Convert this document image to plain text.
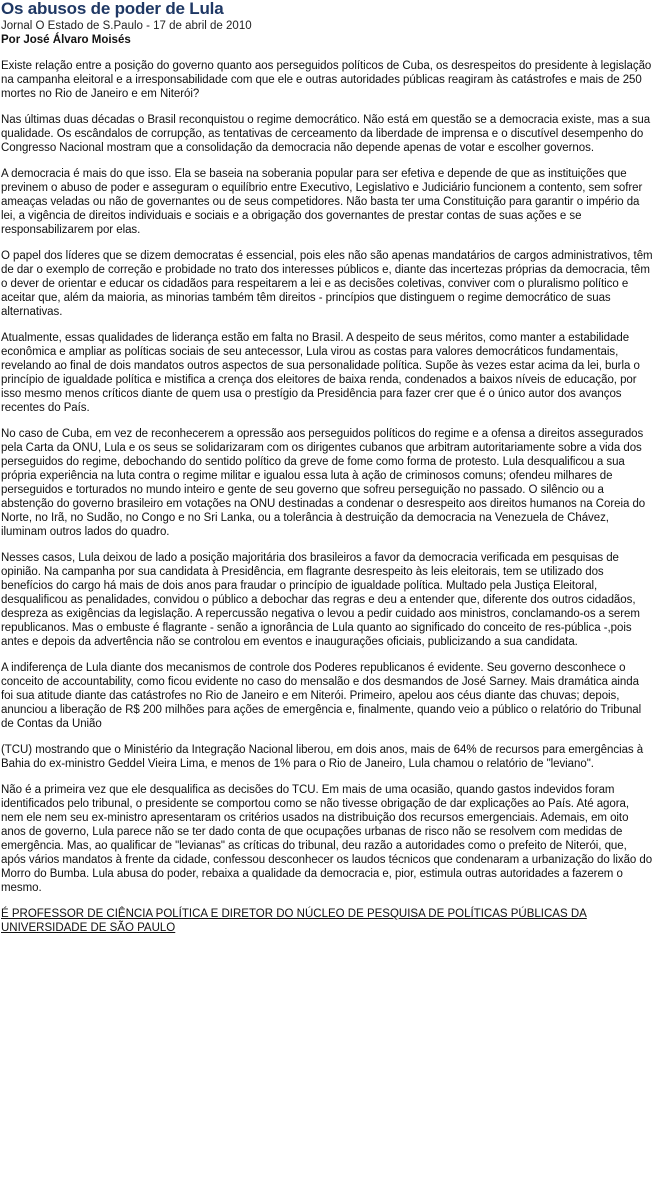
Os abusos de poder de Lula
Jornal O Estado de S.Paulo - 17 de abril de 2010
Por José Álvaro Moisés

Existe relação entre a posição do governo quanto aos perseguidos políticos de Cuba, os desrespeitos do presidente à legislação na campanha eleitoral e a irresponsabilidade com que ele e outras autoridades públicas reagiram às catástrofes e mais de 250 mortes no Rio de Janeiro e em Niterói?

Nas últimas duas décadas o Brasil reconquistou o regime democrático. Não está em questão se a democracia existe, mas a sua qualidade. Os escândalos de corrupção, as tentativas de cerceamento da liberdade de imprensa e o discutível desempenho do Congresso Nacional mostram que a consolidação da democracia não depende apenas de votar e escolher governos.

A democracia é mais do que isso. Ela se baseia na soberania popular para ser efetiva e depende de que as instituições que previnem o abuso de poder e asseguram o equilíbrio entre Executivo, Legislativo e Judiciário funcionem a contento, sem sofrer ameaças veladas ou não de governantes ou de seus competidores. Não basta ter uma Constituição para garantir o império da lei, a vigência de direitos individuais e sociais e a obrigação dos governantes de prestar contas de suas ações e se responsabilizarem por elas.

O papel dos líderes que se dizem democratas é essencial, pois eles não são apenas mandatários de cargos administrativos, têm de dar o exemplo de correção e probidade no trato dos interesses públicos e, diante das incertezas próprias da democracia, têm o dever de orientar e educar os cidadãos para respeitarem a lei e as decisões coletivas, conviver com o pluralismo político e aceitar que, além da maioria, as minorias também têm direitos - princípios que distinguem o regime democrático de suas alternativas.

Atualmente, essas qualidades de liderança estão em falta no Brasil. A despeito de seus méritos, como manter a estabilidade econômica e ampliar as políticas sociais de seu antecessor, Lula virou as costas para valores democráticos fundamentais, revelando ao final de dois mandatos outros aspectos de sua personalidade política. Supõe às vezes estar acima da lei, burla o princípio de igualdade política e mistifica a crença dos eleitores de baixa renda, condenados a baixos níveis de educação, por isso mesmo menos críticos diante de quem usa o prestígio da Presidência para fazer crer que é o único autor dos avanços recentes do País.

No caso de Cuba, em vez de reconhecerem a opressão aos perseguidos políticos do regime e a ofensa a direitos assegurados pela Carta da ONU, Lula e os seus se solidarizaram com os dirigentes cubanos que arbitram autoritariamente sobre a vida dos perseguidos do regime, debochando do sentido político da greve de fome como forma de protesto. Lula desqualificou a sua própria experiência na luta contra o regime militar e igualou essa luta à ação de criminosos comuns; ofendeu milhares de perseguidos e torturados no mundo inteiro e gente de seu governo que sofreu perseguição no passado. O silêncio ou a abstenção do governo brasileiro em votações na ONU destinadas a condenar o desrespeito aos direitos humanos na Coreia do Norte, no Irã, no Sudão, no Congo e no Sri Lanka, ou a tolerância à destruição da democracia na Venezuela de Chávez, iluminam outros lados do quadro.

Nesses casos, Lula deixou de lado a posição majoritária dos brasileiros a favor da democracia verificada em pesquisas de opinião. Na campanha por sua candidata à Presidência, em flagrante desrespeito às leis eleitorais, tem se utilizado dos benefícios do cargo há mais de dois anos para fraudar o princípio de igualdade política. Multado pela Justiça Eleitoral, desqualificou as penalidades, convidou o público a debochar das regras e deu a entender que, diferente dos outros cidadãos, despreza as exigências da legislação. A repercussão negativa o levou a pedir cuidado aos ministros, conclamando-os a serem republicanos. Mas o embuste é flagrante - senão a ignorância de Lula quanto ao significado do conceito de res-pública -,pois antes e depois da advertência não se controlou em eventos e inaugurações oficiais, publicizando a sua candidata.

A indiferença de Lula diante dos mecanismos de controle dos Poderes republicanos é evidente. Seu governo desconhece o conceito de accountability, como ficou evidente no caso do mensalão e dos desmandos de José Sarney. Mais dramática ainda foi sua atitude diante das catástrofes no Rio de Janeiro e em Niterói. Primeiro, apelou aos céus diante das chuvas; depois, anunciou a liberação de R$ 200 milhões para ações de emergência e, finalmente, quando veio a público o relatório do Tribunal de Contas da União

(TCU) mostrando que o Ministério da Integração Nacional liberou, em dois anos, mais de 64% de recursos para emergências à Bahia do ex-ministro Geddel Vieira Lima, e menos de 1% para o Rio de Janeiro, Lula chamou o relatório de "leviano".

Não é a primeira vez que ele desqualifica as decisões do TCU. Em mais de uma ocasião, quando gastos indevidos foram identificados pelo tribunal, o presidente se comportou como se não tivesse obrigação de dar explicações ao País. Até agora, nem ele nem seu ex-ministro apresentaram os critérios usados na distribuição dos recursos emergenciais. Ademais, em oito anos de governo, Lula parece não se ter dado conta de que ocupações urbanas de risco não se resolvem com medidas de emergência. Mas, ao qualificar de "levianas" as críticas do tribunal, deu razão a autoridades como o prefeito de Niterói, que, após vários mandatos à frente da cidade, confessou desconhecer os laudos técnicos que condenaram a urbanização do lixão do Morro do Bumba. Lula abusa do poder, rebaixa a qualidade da democracia e, pior, estimula outras autoridades a fazerem o mesmo.

É PROFESSOR DE CIÊNCIA POLÍTICA E DIRETOR DO NÚCLEO DE PESQUISA DE POLÍTICAS PÚBLICAS DA UNIVERSIDADE DE SÃO PAULO
